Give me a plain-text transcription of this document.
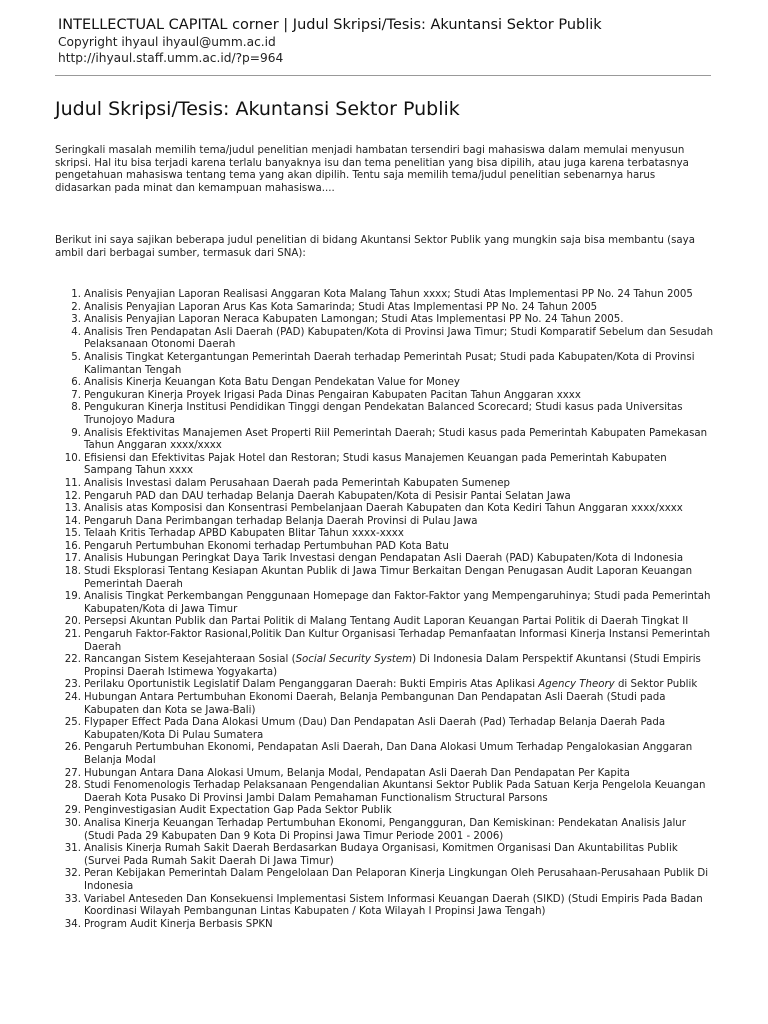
INTELLECTUAL CAPITAL corner | Judul Skripsi/Tesis: Akuntansi Sektor Publik
Copyright ihyaul ihyaul@umm.ac.id
http://ihyaul.staff.umm.ac.id/?p=964
Judul Skripsi/Tesis: Akuntansi Sektor Publik
Seringkali masalah memilih tema/judul penelitian menjadi hambatan tersendiri bagi mahasiswa dalam memulai menyusun skripsi. Hal itu bisa terjadi karena terlalu banyaknya isu dan tema penelitian yang bisa dipilih, atau juga karena terbatasnya pengetahuan mahasiswa tentang tema yang akan dipilih. Tentu saja memilih tema/judul penelitian sebenarnya harus didasarkan pada minat dan kemampuan mahasiswa....
Berikut ini saya sajikan beberapa judul penelitian di bidang Akuntansi Sektor Publik yang mungkin saja bisa membantu (saya ambil dari berbagai sumber, termasuk dari SNA):
1. Analisis Penyajian Laporan Realisasi Anggaran Kota Malang Tahun xxxx; Studi Atas Implementasi PP No. 24 Tahun 2005
2. Analisis Penyajian Laporan Arus Kas Kota Samarinda; Studi Atas Implementasi PP No. 24 Tahun 2005
3. Analisis Penyajian Laporan Neraca Kabupaten Lamongan; Studi Atas Implementasi PP No. 24 Tahun 2005.
4. Analisis Tren Pendapatan Asli Daerah (PAD) Kabupaten/Kota di Provinsi Jawa Timur; Studi Komparatif Sebelum dan Sesudah Pelaksanaan Otonomi Daerah
5. Analisis Tingkat Ketergantungan Pemerintah Daerah terhadap Pemerintah Pusat; Studi pada Kabupaten/Kota di Provinsi Kalimantan Tengah
6. Analisis Kinerja Keuangan Kota Batu Dengan Pendekatan Value for Money
7. Pengukuran Kinerja Proyek Irigasi Pada Dinas Pengairan Kabupaten Pacitan Tahun Anggaran xxxx
8. Pengukuran Kinerja Institusi Pendidikan Tinggi dengan Pendekatan Balanced Scorecard; Studi kasus pada Universitas Trunojoyo Madura
9. Analisis Efektivitas Manajemen Aset Properti Riil Pemerintah Daerah; Studi kasus pada Pemerintah Kabupaten Pamekasan Tahun Anggaran xxxx/xxxx
10. Efisiensi dan Efektivitas Pajak Hotel dan Restoran; Studi kasus Manajemen Keuangan pada Pemerintah Kabupaten Sampang Tahun xxxx
11. Analisis Investasi dalam Perusahaan Daerah pada Pemerintah Kabupaten Sumenep
12. Pengaruh PAD dan DAU terhadap Belanja Daerah Kabupaten/Kota di Pesisir Pantai Selatan Jawa
13. Analisis atas Komposisi dan Konsentrasi Pembelanjaan Daerah Kabupaten dan Kota Kediri Tahun Anggaran xxxx/xxxx
14. Pengaruh Dana Perimbangan terhadap Belanja Daerah Provinsi di Pulau Jawa
15. Telaah Kritis Terhadap APBD Kabupaten Blitar Tahun xxxx-xxxx
16. Pengaruh Pertumbuhan Ekonomi terhadap Pertumbuhan PAD Kota Batu
17. Analisis Hubungan Peringkat Daya Tarik Investasi dengan Pendapatan Asli Daerah (PAD) Kabupaten/Kota di Indonesia
18. Studi Eksplorasi Tentang Kesiapan Akuntan Publik di Jawa Timur Berkaitan Dengan Penugasan Audit Laporan Keuangan Pemerintah Daerah
19. Analisis Tingkat Perkembangan Penggunaan Homepage dan Faktor-Faktor yang Mempengaruhinya; Studi pada Pemerintah Kabupaten/Kota di Jawa Timur
20. Persepsi Akuntan Publik dan Partai Politik di Malang Tentang Audit Laporan Keuangan Partai Politik di Daerah Tingkat II
21. Pengaruh Faktor-Faktor Rasional,Politik Dan Kultur Organisasi Terhadap Pemanfaatan Informasi Kinerja Instansi Pemerintah Daerah
22. Rancangan Sistem Kesejahteraan Sosial (Social Security System) Di Indonesia Dalam Perspektif Akuntansi (Studi Empiris Propinsi Daerah Istimewa Yogyakarta)
23. Perilaku Oportunistik Legislatif Dalam Penganggaran Daerah: Bukti Empiris Atas Aplikasi Agency Theory di Sektor Publik
24. Hubungan Antara Pertumbuhan Ekonomi Daerah, Belanja Pembangunan Dan Pendapatan Asli Daerah (Studi pada Kabupaten dan Kota se Jawa-Bali)
25. Flypaper Effect Pada Dana Alokasi Umum (Dau) Dan Pendapatan Asli Daerah (Pad) Terhadap Belanja Daerah Pada Kabupaten/Kota Di Pulau Sumatera
26. Pengaruh Pertumbuhan Ekonomi, Pendapatan Asli Daerah, Dan Dana Alokasi Umum Terhadap Pengalokasian Anggaran Belanja Modal
27. Hubungan Antara Dana Alokasi Umum, Belanja Modal, Pendapatan Asli Daerah Dan Pendapatan Per Kapita
28. Studi Fenomenologis Terhadap Pelaksanaan Pengendalian Akuntansi Sektor Publik Pada Satuan Kerja Pengelola Keuangan Daerah Kota Pusako Di Provinsi Jambi Dalam Pemahaman Functionalism Structural Parsons
29. Penginvestigasian Audit Expectation Gap Pada Sektor Publik
30. Analisa Kinerja Keuangan Terhadap Pertumbuhan Ekonomi, Pengangguran, Dan Kemiskinan: Pendekatan Analisis Jalur (Studi Pada 29 Kabupaten Dan 9 Kota Di Propinsi Jawa Timur Periode 2001 - 2006)
31. Analisis Kinerja Rumah Sakit Daerah Berdasarkan Budaya Organisasi, Komitmen Organisasi Dan Akuntabilitas Publik (Survei Pada Rumah Sakit Daerah Di Jawa Timur)
32. Peran Kebijakan Pemerintah Dalam Pengelolaan Dan Pelaporan Kinerja Lingkungan Oleh Perusahaan-Perusahaan Publik Di Indonesia
33. Variabel Anteseden Dan Konsekuensi Implementasi Sistem Informasi Keuangan Daerah (SIKD) (Studi Empiris Pada Badan Koordinasi Wilayah Pembangunan Lintas Kabupaten / Kota Wilayah I Propinsi Jawa Tengah)
34. Program Audit Kinerja Berbasis SPKN
